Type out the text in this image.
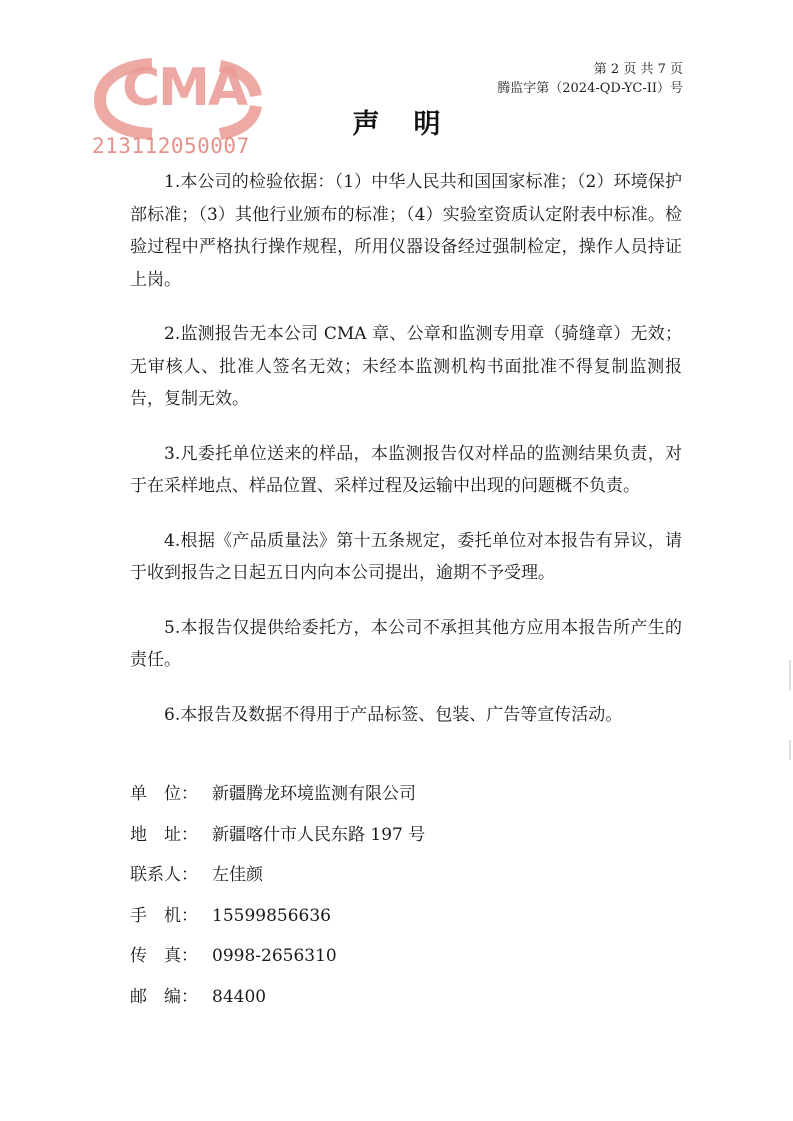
CMA
213112050007
第 2 页 共 7 页
腾监字第（2024-QD-YC-II）号
声明

1.本公司的检验依据：（1）中华人民共和国国家标准；（2）环境保护部标准；（3）其他行业颁布的标准；（4）实验室资质认定附表中标准。检验过程中严格执行操作规程，所用仪器设备经过强制检定，操作人员持证上岗。

2.监测报告无本公司 CMA 章、公章和监测专用章（骑缝章）无效；无审核人、批准人签名无效；未经本监测机构书面批准不得复制监测报告，复制无效。

3.凡委托单位送来的样品，本监测报告仅对样品的监测结果负责，对于在采样地点、样品位置、采样过程及运输中出现的问题概不负责。

4.根据《产品质量法》第十五条规定，委托单位对本报告有异议，请于收到报告之日起五日内向本公司提出，逾期不予受理。

5.本报告仅提供给委托方，本公司不承担其他方应用本报告所产生的责任。

6.本报告及数据不得用于产品标签、包装、广告等宣传活动。

单　位： 新疆腾龙环境监测有限公司
地　址： 新疆喀什市人民东路 197 号
联系人： 左佳颜
手　机： 15599856636
传　真： 0998-2656310
邮　编： 84400
